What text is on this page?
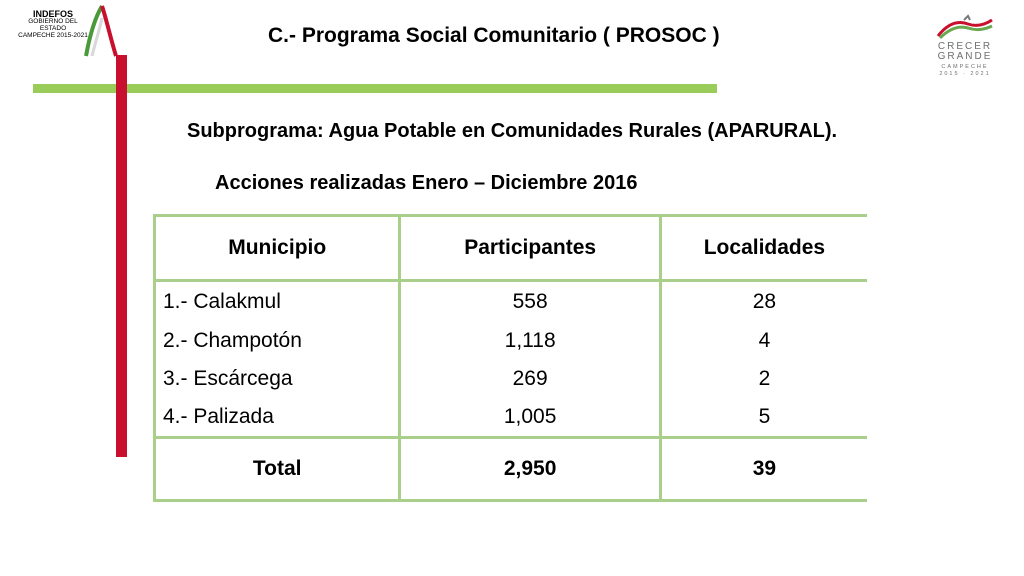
INDEFOS
GOBIERNO DEL ESTADO
CAMPECHE 2015-2021
CRECER
GRANDE
CAMPECHE
2015 · 2021
C.- Programa Social Comunitario ( PROSOC )
Subprograma: Agua Potable en Comunidades Rurales (APARURAL).
Acciones realizadas Enero – Diciembre 2016
Municipio	Participantes	Localidades
1.- Calakmul	558	28
2.- Champotón	1,118	4
3.- Escárcega	269	2
4.- Palizada	1,005	5
Total	2,950	39
